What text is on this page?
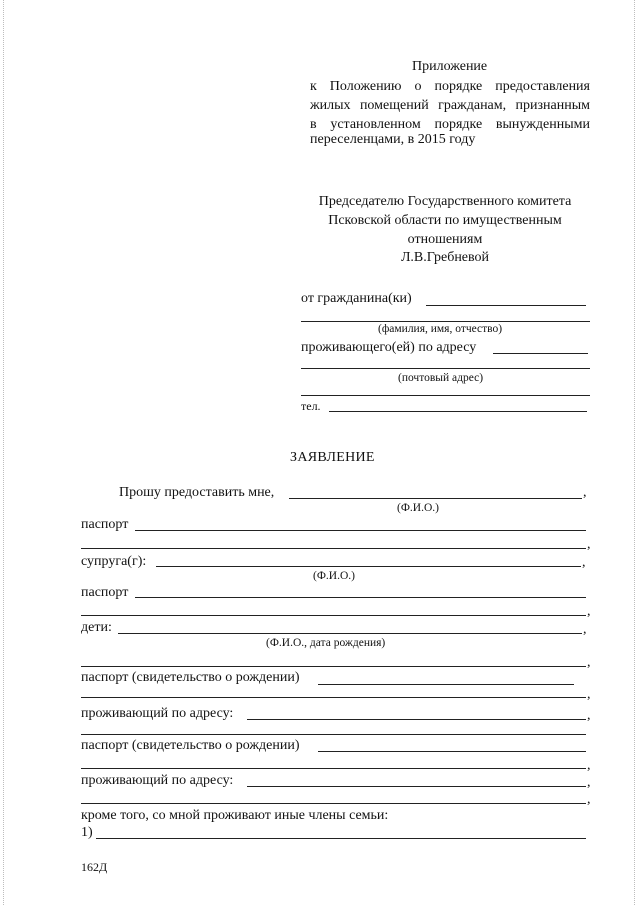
Приложение
к Положению о порядке предоставления
жилых помещений гражданам, признанным
в установленном порядке вынужденными
переселенцами, в 2015 году
Председателю Государственного комитета
Псковской области по имущественным
отношениям
Л.В.Гребневой
от гражданина(ки)
(фамилия, имя, отчество)
проживающего(ей) по адресу
(почтовый адрес)
тел.
ЗАЯВЛЕНИЕ
Прошу предоставить мне,	,
(Ф.И.О.)
паспорт
,
супруга(г):	,
(Ф.И.О.)
паспорт
,
дети:	,
(Ф.И.О., дата рождения)
,
паспорт (свидетельство о рождении)
,
проживающий по адресу:	,
паспорт (свидетельство о рождении)
,
проживающий по адресу:	,
,
кроме того, со мной проживают иные члены семьи:
1)
162Д
